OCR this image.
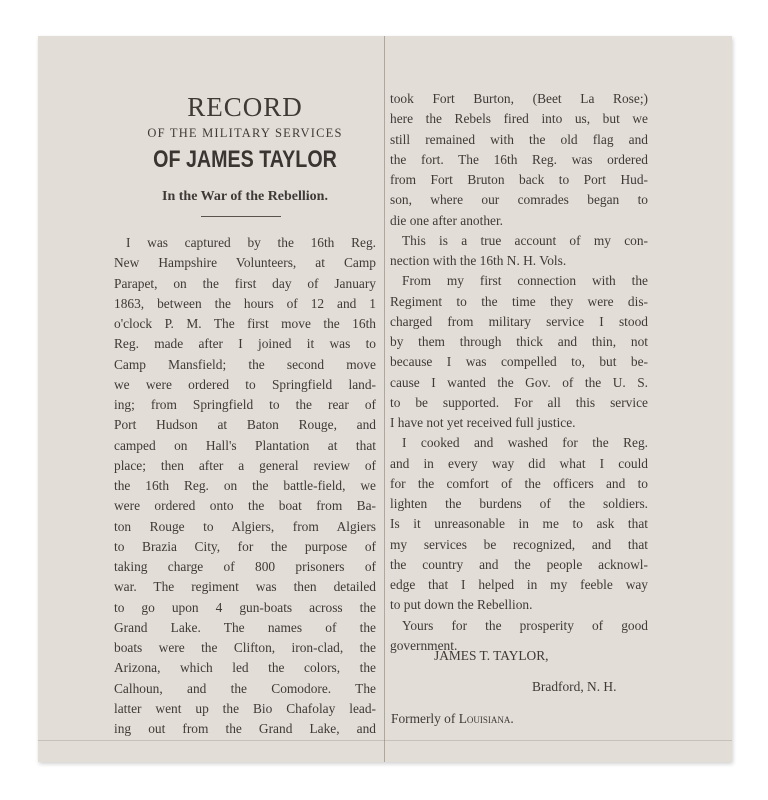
RECORD
OF THE MILITARY SERVICES
OF JAMES TAYLOR
In the War of the Rebellion.
I was captured by the 16th Reg.
New Hampshire Volunteers, at Camp
Parapet, on the first day of January
1863, between the hours of 12 and 1
o'clock P. M. The first move the 16th
Reg. made after I joined it was to
Camp Mansfield; the second move
we were ordered to Springfield land-
ing; from Springfield to the rear of
Port Hudson at Baton Rouge, and
camped on Hall's Plantation at that
place; then after a general review of
the 16th Reg. on the battle-field, we
were ordered onto the boat from Ba-
ton Rouge to Algiers, from Algiers
to Brazia City, for the purpose of
taking charge of 800 prisoners of
war. The regiment was then detailed
to go upon 4 gun-boats across the
Grand Lake. The names of the
boats were the Clifton, iron-clad, the
Arizona, which led the colors, the
Calhoun, and the Comodore. The
latter went up the Bio Chafolay lead-
ing out from the Grand Lake, and
took Fort Burton, (Beet La Rose;)
here the Rebels fired into us, but we
still remained with the old flag and
the fort. The 16th Reg. was ordered
from Fort Bruton back to Port Hud-
son, where our comrades began to
die one after another.
This is a true account of my con-
nection with the 16th N. H. Vols.
From my first connection with the
Regiment to the time they were dis-
charged from military service I stood
by them through thick and thin, not
because I was compelled to, but be-
cause I wanted the Gov. of the U. S.
to be supported. For all this service
I have not yet received full justice.
I cooked and washed for the Reg.
and in every way did what I could
for the comfort of the officers and to
lighten the burdens of the soldiers.
Is it unreasonable in me to ask that
my services be recognized, and that
the country and the people acknowl-
edge that I helped in my feeble way
to put down the Rebellion.
Yours for the prosperity of good
government.
JAMES T. TAYLOR,
Bradford, N. H.
Formerly of Louisiana.
